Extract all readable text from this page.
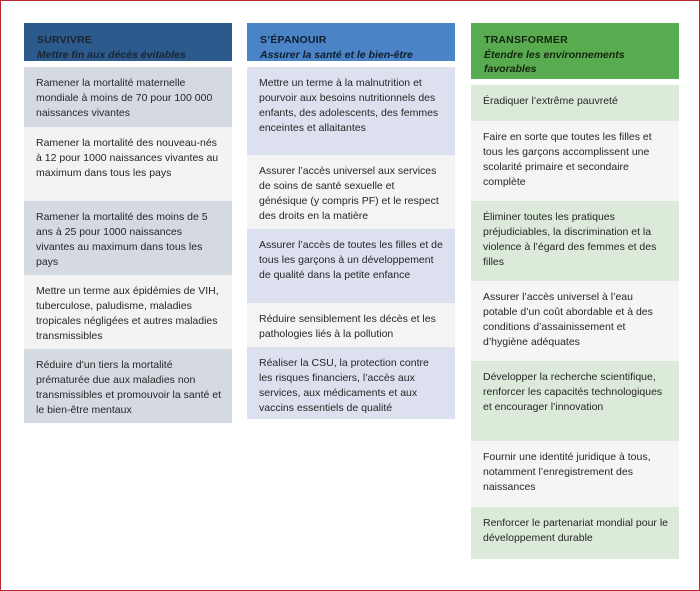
SURVIVRE
Mettre fin aux décès évitables
Ramener la mortalité maternelle mondiale à moins de 70 pour 100 000 naissances vivantes
Ramener la mortalité des nouveau-nés à 12 pour 1000 naissances vivantes au maximum dans tous les pays
Ramener la mortalité des moins de 5 ans à 25 pour 1000 naissances vivantes au maximum dans tous les pays
Mettre un terme aux épidémies de VIH, tuberculose, paludisme, maladies tropicales négligées et autres maladies transmissibles
Réduire d’un tiers la mortalité prématurée due aux maladies non transmissibles et promouvoir la santé et le bien-être mentaux
S’ÉPANOUIR
Assurer la santé et le bien-être
Mettre un terme à la malnutrition et pourvoir aux besoins nutritionnels des enfants, des adolescents, des femmes enceintes et allaitantes
Assurer l’accès universel aux services de soins de santé sexuelle et génésique (y compris PF) et le respect des droits en la matière
Assurer l’accès de toutes les filles et de tous les garçons à un développement de qualité dans la petite enfance
Réduire sensiblement les décès et les pathologies liés à la pollution
Réaliser la CSU, la protection contre les risques financiers, l’accès aux services, aux médicaments et aux vaccins essentiels de qualité
TRANSFORMER
Étendre les environnements favorables
Éradiquer l’extrême pauvreté
Faire en sorte que toutes les filles et tous les garçons accomplissent une scolarité primaire et secondaire complète
Éliminer toutes les pratiques préjudiciables, la discrimination et la violence à l’égard des femmes et des filles
Assurer l’accès universel à l’eau potable d’un coût abordable et à des conditions d’assainissement et d’hygiène adéquates
Développer la recherche scientifique, renforcer les capacités technologiques et encourager l’innovation
Fournir une identité juridique à tous, notamment l’enregistrement des naissances
Renforcer le partenariat mondial pour le développement durable
